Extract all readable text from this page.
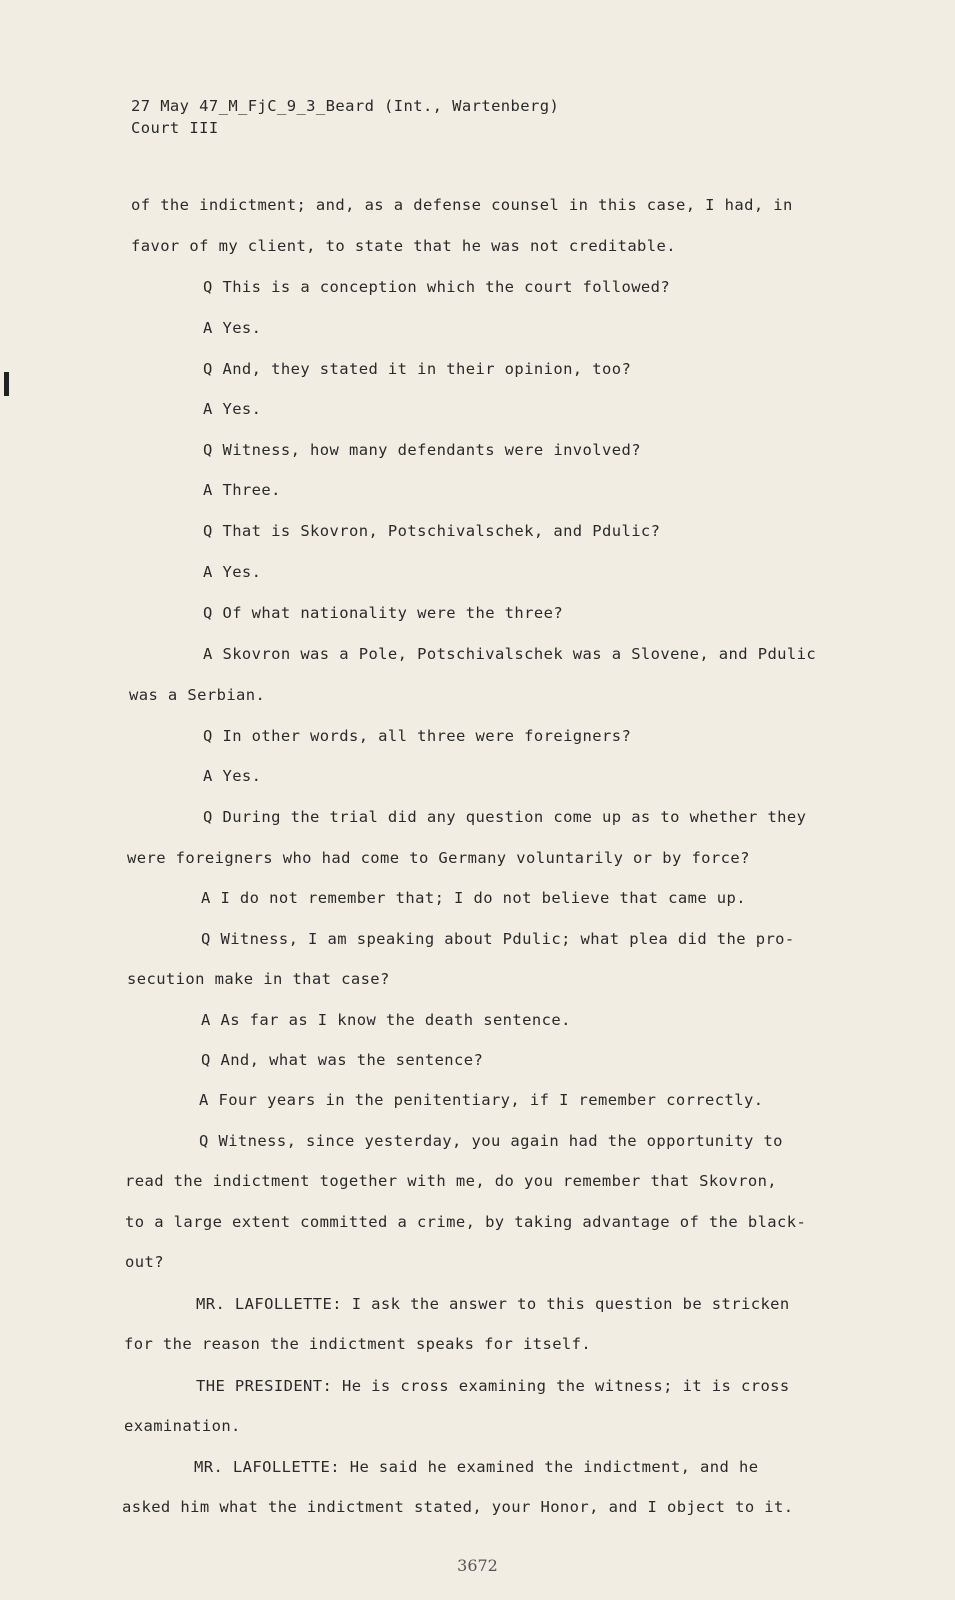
27 May 47_M_FjC_9_3_Beard (Int., Wartenberg)
Court III
of the indictment; and, as a defense counsel in this case, I had, in
favor of my client, to state that he was not creditable.
Q This is a conception which the court followed?
A Yes.
Q And, they stated it in their opinion, too?
A Yes.
Q Witness, how many defendants were involved?
A Three.
Q That is Skovron, Potschivalschek, and Pdulic?
A Yes.
Q Of what nationality were the three?
A Skovron was a Pole, Potschivalschek was a Slovene, and Pdulic
was a Serbian.
Q In other words, all three were foreigners?
A Yes.
Q During the trial did any question come up as to whether they
were foreigners who had come to Germany voluntarily or by force?
A I do not remember that; I do not believe that came up.
Q Witness, I am speaking about Pdulic; what plea did the pro-
secution make in that case?
A As far as I know the death sentence.
Q And, what was the sentence?
A Four years in the penitentiary, if I remember correctly.
Q Witness, since yesterday, you again had the opportunity to
read the indictment together with me, do you remember that Skovron,
to a large extent committed a crime, by taking advantage of the black-
out?
MR. LAFOLLETTE: I ask the answer to this question be stricken
for the reason the indictment speaks for itself.
THE PRESIDENT: He is cross examining the witness; it is cross
examination.
MR. LAFOLLETTE: He said he examined the indictment, and he
asked him what the indictment stated, your Honor, and I object to it.
3672
